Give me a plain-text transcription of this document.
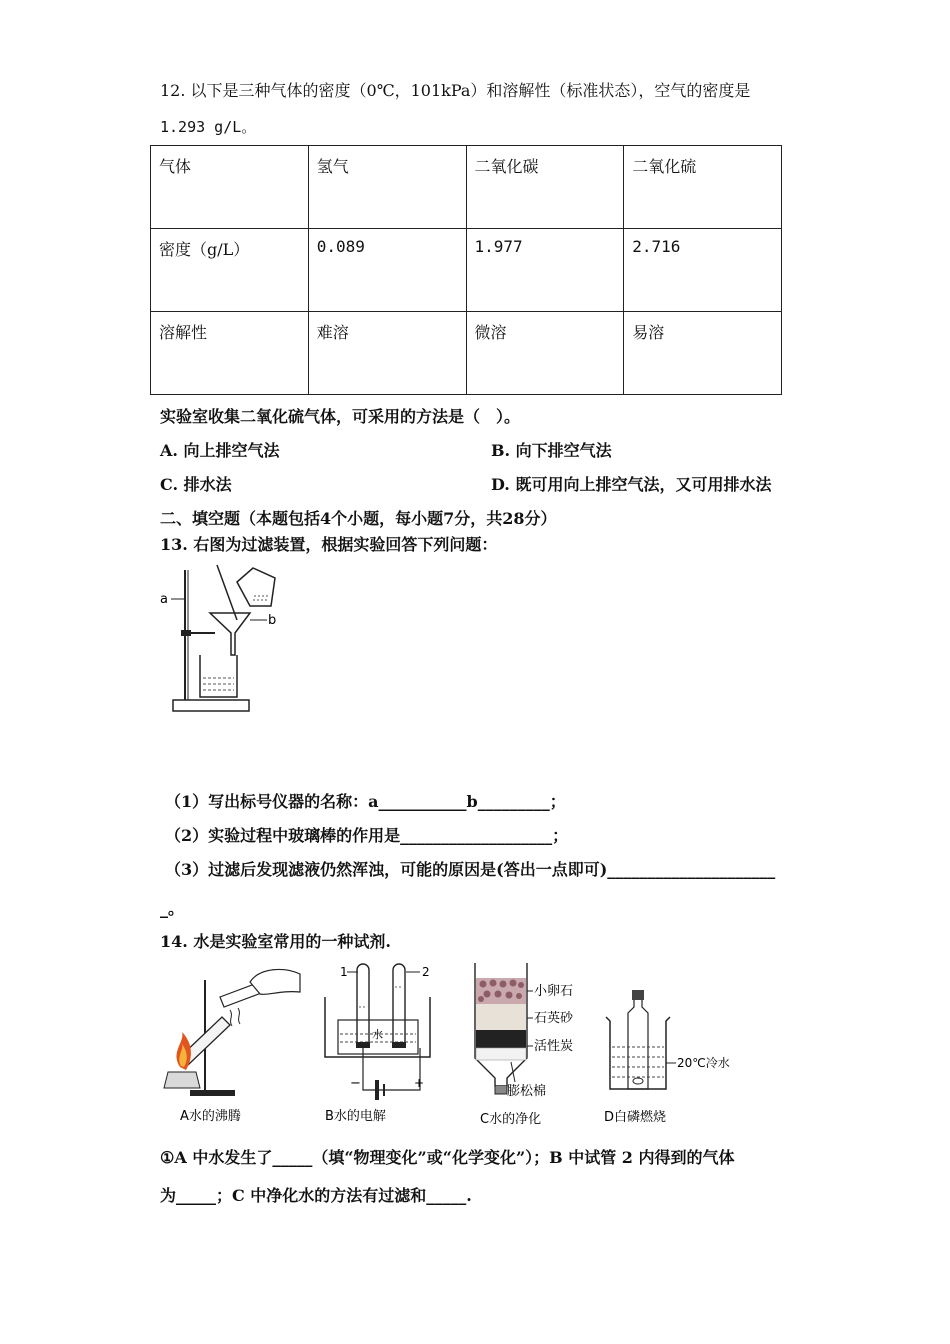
12. 以下是三种气体的密度（0℃，101kPa）和溶解性（标准状态），空气的密度是
1.293 g/L。
气体	氢气	二氧化碳	二氧化硫
密度（g/L）	0.089	1.977	2.716
溶解性	难溶	微溶	易溶
实验室收集二氧化硫气体，可采用的方法是（　）。
A. 向上排空气法	B. 向下排空气法
C. 排水法	D. 既可用向上排空气法，又可用排水法
二、填空题（本题包括4个小题，每小题7分，共28分）
13. 右图为过滤装置，根据实验回答下列问题：
a
b
（1）写出标号仪器的名称：a___________b_________；
（2）实验过程中玻璃棒的作用是___________________；
（3）过滤后发现滤液仍然浑浊，可能的原因是(答出一点即可)_____________________
_。
14. 水是实验室常用的一种试剂.
A水的沸腾
1	2
水
−	+
B水的电解
小卵石
石英砂
活性炭
膨松棉
C水的净化
20℃冷水
D白磷燃烧
①A 中水发生了_____（填“物理变化”或“化学变化”）；B 中试管 2 内得到的气体
为_____；C 中净化水的方法有过滤和_____.
